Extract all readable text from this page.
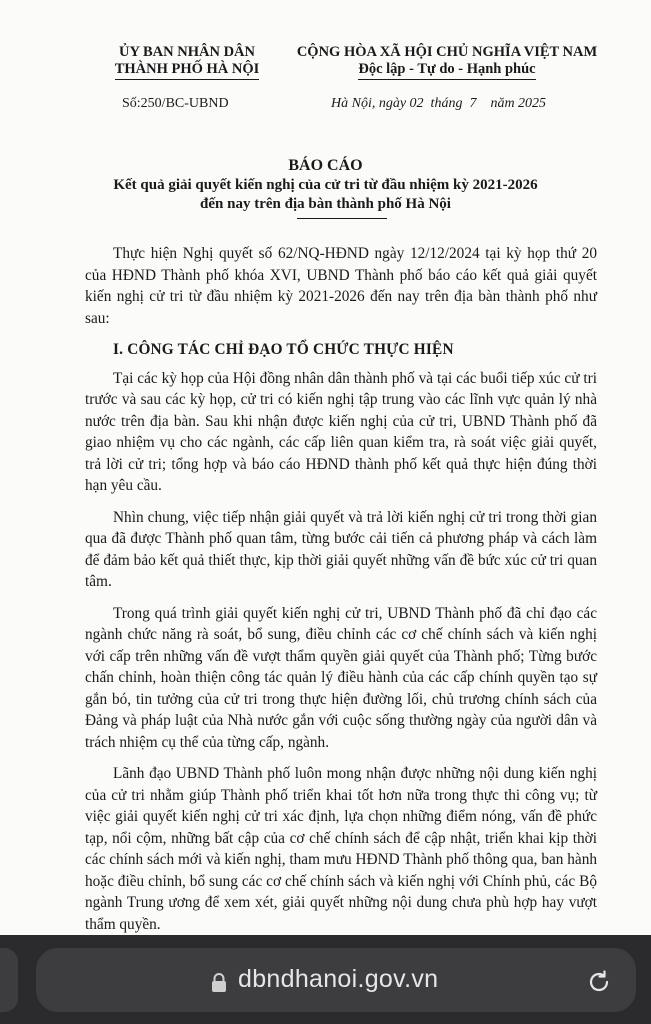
ỦY BAN NHÂN DÂN
THÀNH PHỐ HÀ NỘI
CỘNG HÒA XÃ HỘI CHỦ NGHĨA VIỆT NAM
Độc lập - Tự do - Hạnh phúc
Số:250/BC-UBND	Hà Nội, ngày 02  tháng  7    năm 2025
BÁO CÁO
Kết quả giải quyết kiến nghị của cử tri từ đầu nhiệm kỳ 2021-2026
đến nay trên địa bàn thành phố Hà Nội

Thực hiện Nghị quyết số 62/NQ-HĐND ngày 12/12/2024 tại kỳ họp thứ 20 của HĐND Thành phố khóa XVI, UBND Thành phố báo cáo kết quả giải quyết kiến nghị cử tri từ đầu nhiệm kỳ 2021-2026 đến nay trên địa bàn thành phố như sau:

I. CÔNG TÁC CHỈ ĐẠO TỔ CHỨC THỰC HIỆN

Tại các kỳ họp của Hội đồng nhân dân thành phố và tại các buổi tiếp xúc cử tri trước và sau các kỳ họp, cử tri có kiến nghị tập trung vào các lĩnh vực quản lý nhà nước trên địa bàn. Sau khi nhận được kiến nghị của cử tri, UBND Thành phố đã giao nhiệm vụ cho các ngành, các cấp liên quan kiểm tra, rà soát việc giải quyết, trả lời cử tri; tổng hợp và báo cáo HĐND thành phố kết quả thực hiện đúng thời hạn yêu cầu.

Nhìn chung, việc tiếp nhận giải quyết và trả lời kiến nghị cử tri trong thời gian qua đã được Thành phố quan tâm, từng bước cải tiến cả phương pháp và cách làm để đảm bảo kết quả thiết thực, kịp thời giải quyết những vấn đề bức xúc cử tri quan tâm.

Trong quá trình giải quyết kiến nghị cử tri, UBND Thành phố đã chỉ đạo các ngành chức năng rà soát, bổ sung, điều chỉnh các cơ chế chính sách và kiến nghị với cấp trên những vấn đề vượt thẩm quyền giải quyết của Thành phố; Từng bước chấn chỉnh, hoàn thiện công tác quản lý điều hành của các cấp chính quyền tạo sự gắn bó, tin tưởng của cử tri trong thực hiện đường lối, chủ trương chính sách của Đảng và pháp luật của Nhà nước gắn với cuộc sống thường ngày của người dân và trách nhiệm cụ thể của từng cấp, ngành.

Lãnh đạo UBND Thành phố luôn mong nhận được những nội dung kiến nghị của cử tri nhằm giúp Thành phố triển khai tốt hơn nữa trong thực thi công vụ; từ việc giải quyết kiến nghị cử tri xác định, lựa chọn những điểm nóng, vấn đề phức tạp, nổi cộm, những bất cập của cơ chế chính sách để cập nhật, triển khai kịp thời các chính sách mới và kiến nghị, tham mưu HĐND Thành phố thông qua, ban hành hoặc điều chỉnh, bổ sung các cơ chế chính sách và kiến nghị với Chính phủ, các Bộ ngành Trung ương để xem xét, giải quyết những nội dung chưa phù hợp hay vượt thẩm quyền.

dbndhanoi.gov.vn
